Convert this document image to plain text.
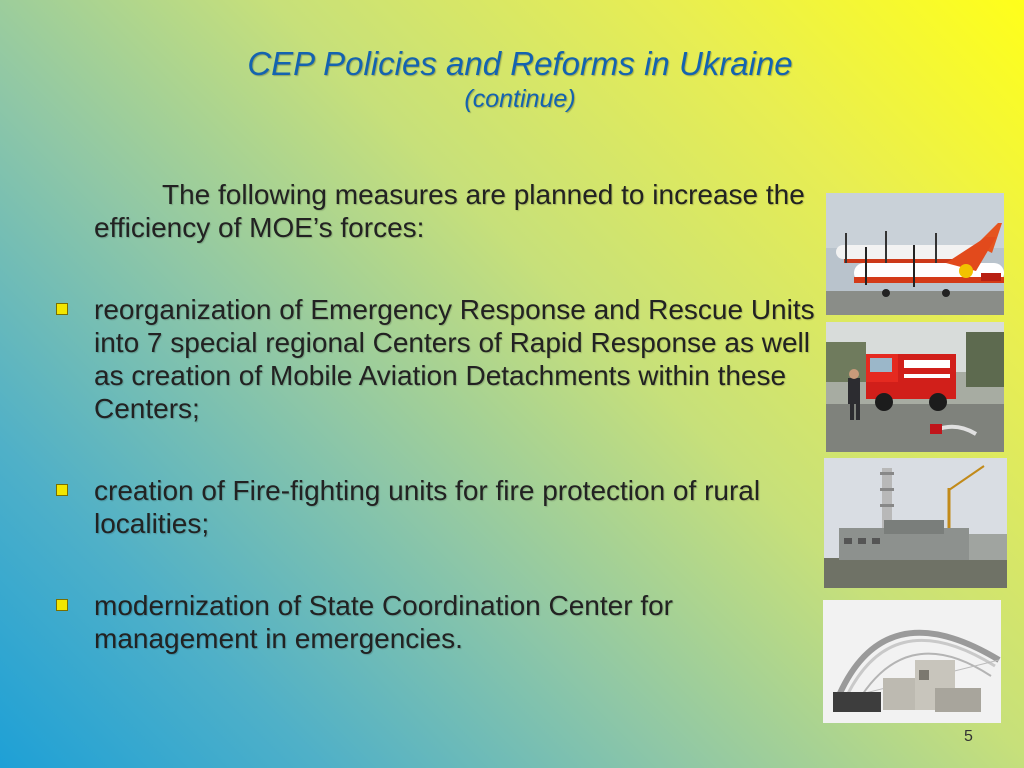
CEP Policies and Reforms in Ukraine
(continue)
The following measures are planned to increase the efficiency of MOE’s forces:
reorganization of Emergency Response and Rescue Units into 7 special regional Centers of Rapid Response as well as creation of Mobile Aviation Detachments within these Centers;
creation of Fire-fighting units for fire protection of rural localities;
modernization of State Coordination Center for management in emergencies.
5
